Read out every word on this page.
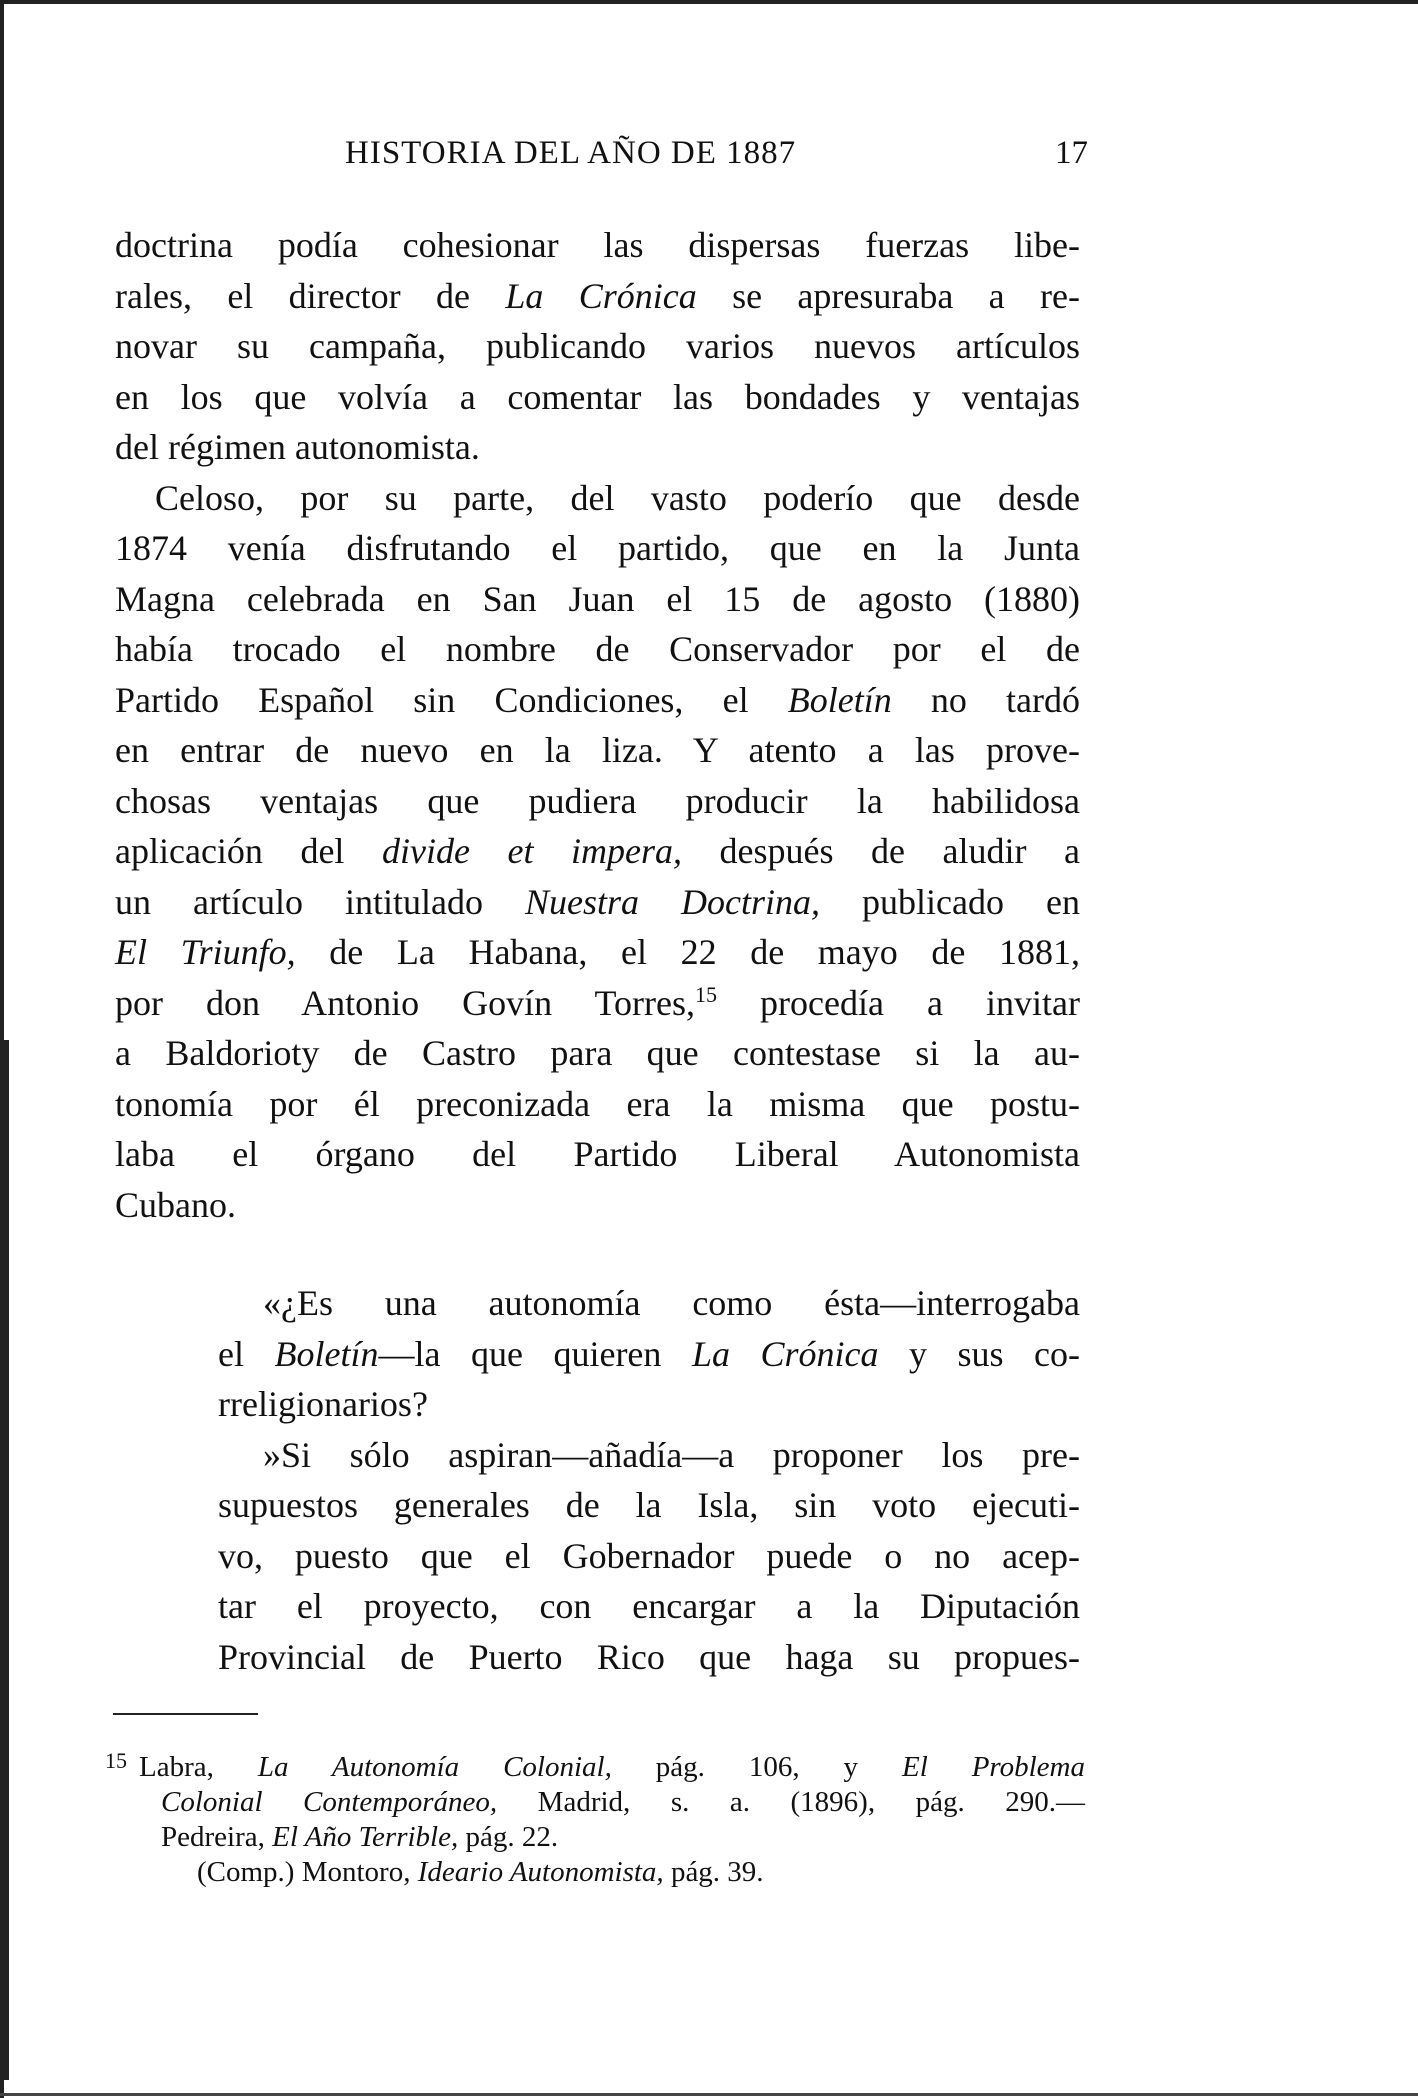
HISTORIA DEL AÑO DE 1887	17
doctrina podía cohesionar las dispersas fuerzas libe-
rales, el director de La Crónica se apresuraba a re-
novar su campaña, publicando varios nuevos artículos
en los que volvía a comentar las bondades y ventajas
del régimen autonomista.
Celoso, por su parte, del vasto poderío que desde
1874 venía disfrutando el partido, que en la Junta
Magna celebrada en San Juan el 15 de agosto (1880)
había trocado el nombre de Conservador por el de
Partido Español sin Condiciones, el Boletín no tardó
en entrar de nuevo en la liza. Y atento a las prove-
chosas ventajas que pudiera producir la habilidosa
aplicación del divide et impera, después de aludir a
un artículo intitulado Nuestra Doctrina, publicado en
El Triunfo, de La Habana, el 22 de mayo de 1881,
por don Antonio Govín Torres,$^{15}$ procedía a invitar
a Baldorioty de Castro para que contestase si la au-
tonomía por él preconizada era la misma que postu-
laba el órgano del Partido Liberal Autonomista
Cubano.
«¿Es una autonomía como ésta—interrogaba
el Boletín—la que quieren La Crónica y sus co-
rreligionarios?
»Si sólo aspiran—añadía—a proponer los pre-
supuestos generales de la Isla, sin voto ejecuti-
vo, puesto que el Gobernador puede o no acep-
tar el proyecto, con encargar a la Diputación
Provincial de Puerto Rico que haga su propues-
$^{15}$ Labra, La Autonomía Colonial, pág. 106, y El Problema
Colonial Contemporáneo, Madrid, s. a. (1896), pág. 290.—
Pedreira, El Año Terrible, pág. 22.
(Comp.) Montoro, Ideario Autonomista, pág. 39.
